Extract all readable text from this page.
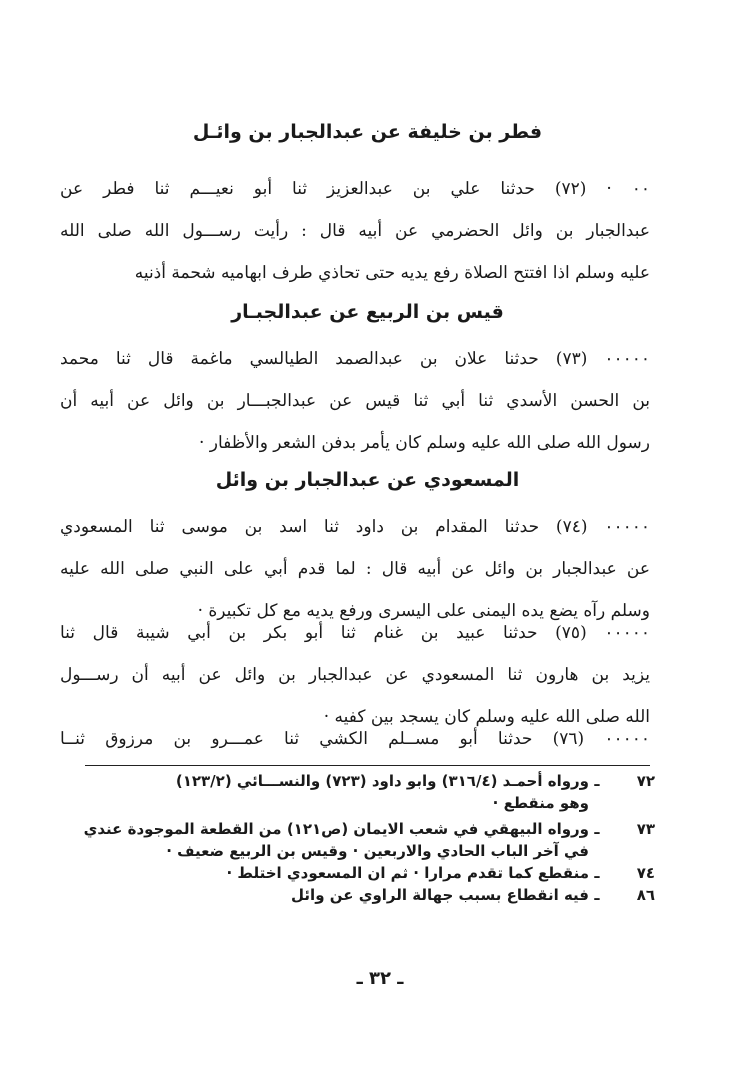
فطر بن خليفة عن عبدالجبار بن وائـل
٠٠ · (٧٢) حدثنا علي بن عبدالعزيز ثنا أبو نعيـــم ثنا فطر عن
عبدالجبار بن وائل الحضرمي عن أبيه قال : رأيت رســـول الله صلى الله
عليه وسلم اذا افتتح الصلاة رفع يديه حتى تحاذي طرف ابهاميه شحمة أذنيه
قيس بن الربيع عن عبدالجبـار
٠٠٠٠٠ (٧٣) حدثنا علان بن عبدالصمد الطيالسي ماغمة قال ثنا محمد
بن الحسن الأسدي ثنا أبي ثنا قيس عن عبدالجبـــار بن وائل عن أبيه أن
رسول الله صلى الله عليه وسلم كان يأمر بدفن الشعر والأظفار ·
المسعودي عن عبدالجبار بن وائل
٠٠٠٠٠ (٧٤) حدثنا المقدام بن داود ثنا اسد بن موسى ثنا المسعودي
عن عبدالجبار بن وائل عن أبيه قال : لما قدم أبي على النبي صلى الله عليه
وسلم رآه يضع يده اليمنى على اليسرى ورفع يديه مع كل تكبيرة ·
٠٠٠٠٠ (٧٥) حدثنا عبيد بن غنام ثنا أبو بكر بن أبي شيبة قال ثنا
يزيد بن هارون ثنا المسعودي عن عبدالجبار بن وائل عن أبيه أن رســـول
الله صلى الله عليه وسلم كان يسجد بين كفيه ·
٠٠٠٠٠ (٧٦) حدثنا أبو مســلم الكشي ثنا عمـــرو بن مرزوق ثنــا
٧٢
ـ
ورواه أحمـد (٣١٦/٤) وابو داود (٧٢٣) والنســـائي (١٢٣/٢)
وهو منقطع ·
٧٣
ـ
ورواه البيهقي في شعب الايمان (ص١٢١) من القطعة الموجودة عندي
في آخر الباب الحادي والاربعين · وقيس بن الربيع ضعيف ·
٧٤
ـ
منقطع كما تقدم مرارا · ثم ان المسعودي اختلط ·
٨٦
ـ
فيه انقطاع بسبب جهالة الراوي عن وائل
ـ ٣٢ ـ
